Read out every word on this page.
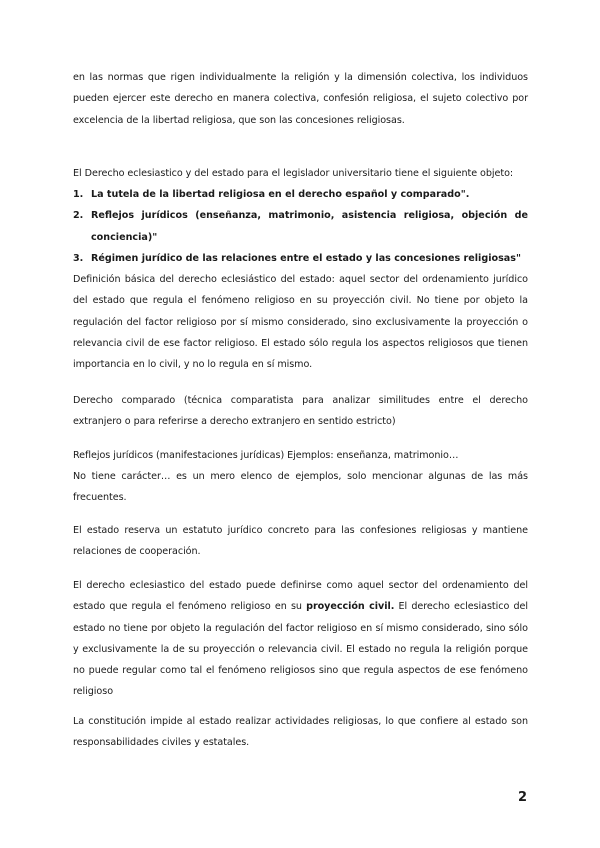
en las normas que rigen individualmente la religión y la dimensión colectiva, los individuos pueden ejercer este derecho en manera colectiva, confesión religiosa, el sujeto colectivo por excelencia de la libertad religiosa, que son las concesiones religiosas.

El Derecho eclesiastico y del estado para el legislador universitario tiene el siguiente objeto:

1. La tutela de la libertad religiosa en el derecho español y comparado".
2. Reflejos jurídicos (enseñanza, matrimonio, asistencia religiosa, objeción de conciencia)"
3. Régimen jurídico de las relaciones entre el estado y las concesiones religiosas"

Definición básica del derecho eclesiástico del estado: aquel sector del ordenamiento jurídico del estado que regula el fenómeno religioso en su proyección civil. No tiene por objeto la regulación del factor religioso por sí mismo considerado, sino exclusivamente la proyección o relevancia civil de ese factor religioso. El estado sólo regula los aspectos religiosos que tienen importancia en lo civil, y no lo regula en sí mismo.

Derecho comparado (técnica comparatista para analizar similitudes entre el derecho extranjero o para referirse a derecho extranjero en sentido estricto)

Reflejos jurídicos (manifestaciones jurídicas) Ejemplos: enseñanza, matrimonio…

No tiene carácter… es un mero elenco de ejemplos, solo mencionar algunas de las más frecuentes.

El estado reserva un estatuto jurídico concreto para las confesiones religiosas y mantiene relaciones de cooperación.

El derecho eclesiastico del estado puede definirse como aquel sector del ordenamiento del estado que regula el fenómeno religioso en su proyección civil. El derecho eclesiastico del estado no tiene por objeto la regulación del factor religioso en sí mismo considerado, sino sólo y exclusivamente la de su proyección o relevancia civil. El estado no regula la religión porque no puede regular como tal el fenómeno religiosos sino que regula aspectos de ese fenómeno religioso

La constitución impide al estado realizar actividades religiosas, lo que confiere al estado son responsabilidades civiles y estatales.

2
